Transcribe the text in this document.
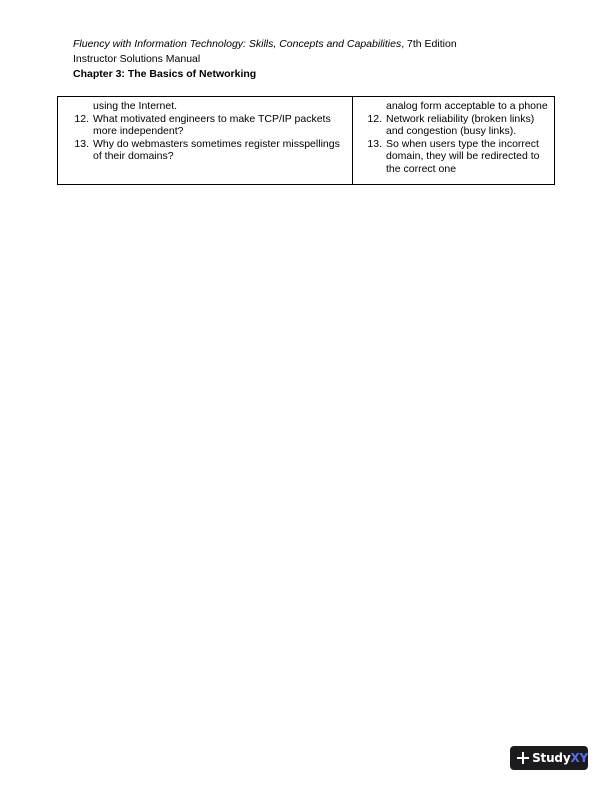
Fluency with Information Technology: Skills, Concepts and Capabilities, 7th Edition
Instructor Solutions Manual
Chapter 3: The Basics of Networking
using the Internet.
12. What motivated engineers to make TCP/IP packets more independent?
13. Why do webmasters sometimes register misspellings of their domains?
analog form acceptable to a phone
12. Network reliability (broken links) and congestion (busy links).
13. So when users type the incorrect domain, they will be redirected to the correct one
StudyXY
